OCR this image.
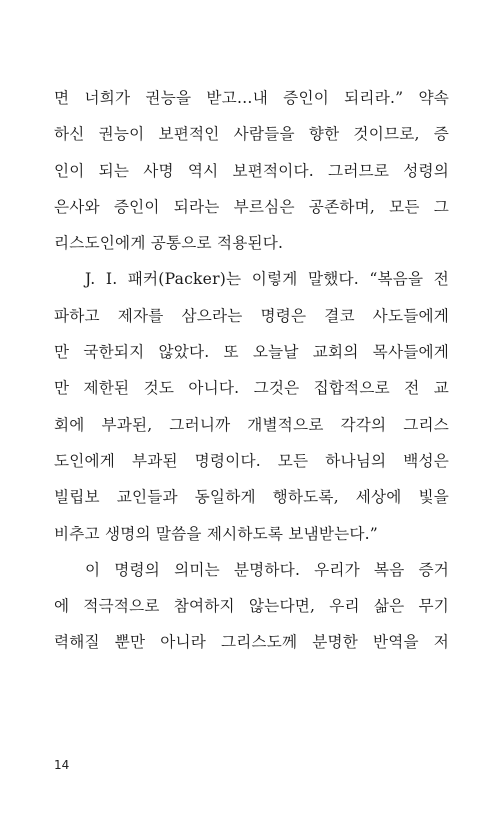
면 너희가 권능을 받고…내 증인이 되리라.” 약속
하신 권능이 보편적인 사람들을 향한 것이므로, 증
인이 되는 사명 역시 보편적이다. 그러므로 성령의
은사와 증인이 되라는 부르심은 공존하며, 모든 그
리스도인에게 공통으로 적용된다.
J. I. 패커(Packer)는 이렇게 말했다. “복음을 전
파하고 제자를 삼으라는 명령은 결코 사도들에게
만 국한되지 않았다. 또 오늘날 교회의 목사들에게
만 제한된 것도 아니다. 그것은 집합적으로 전 교
회에 부과된, 그러니까 개별적으로 각각의 그리스
도인에게 부과된 명령이다. 모든 하나님의 백성은
빌립보 교인들과 동일하게 행하도록, 세상에 빛을
비추고 생명의 말씀을 제시하도록 보냄받는다.”
이 명령의 의미는 분명하다. 우리가 복음 증거
에 적극적으로 참여하지 않는다면, 우리 삶은 무기
력해질 뿐만 아니라 그리스도께 분명한 반역을 저
14
